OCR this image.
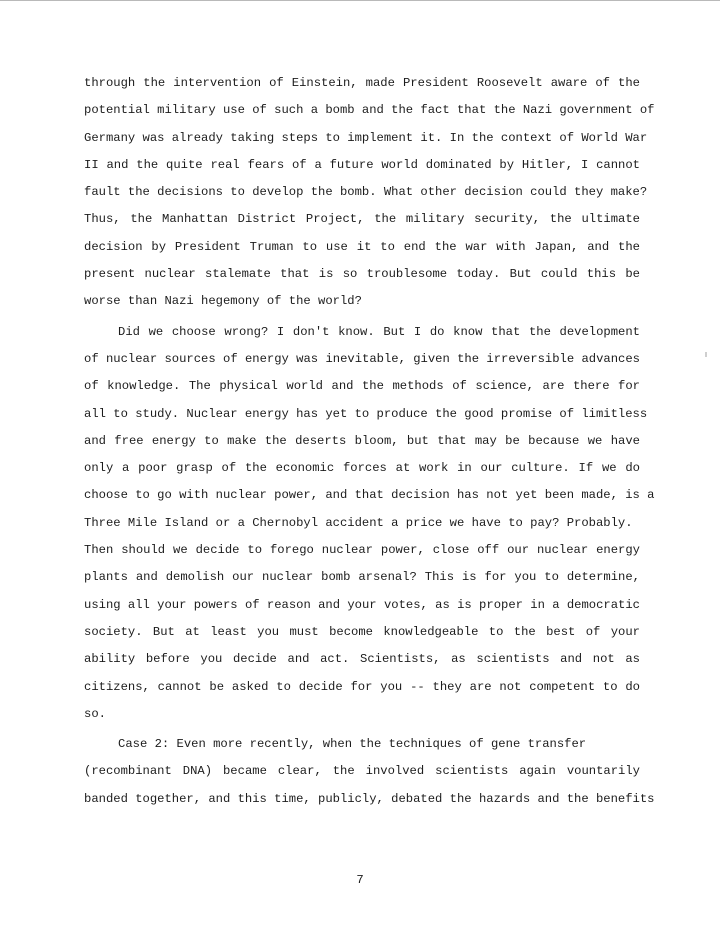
through the intervention of Einstein, made President Roosevelt aware of the
potential military use of such a bomb and the fact that the Nazi government of
Germany was already taking steps to implement it. In the context of World War
II and the quite real fears of a future world dominated by Hitler, I cannot
fault the decisions to develop the bomb. What other decision could they make?
Thus, the Manhattan District Project, the military security, the ultimate
decision by President Truman to use it to end the war with Japan, and the
present nuclear stalemate that is so troublesome today. But could this be
worse than Nazi hegemony of the world?
Did we choose wrong? I don't know. But I do know that the development
of nuclear sources of energy was inevitable, given the irreversible advances
of knowledge. The physical world and the methods of science, are there for
all to study. Nuclear energy has yet to produce the good promise of limitless
and free energy to make the deserts bloom, but that may be because we have
only a poor grasp of the economic forces at work in our culture. If we do
choose to go with nuclear power, and that decision has not yet been made, is a
Three Mile Island or a Chernobyl accident a price we have to pay? Probably.
Then should we decide to forego nuclear power, close off our nuclear energy
plants and demolish our nuclear bomb arsenal? This is for you to determine,
using all your powers of reason and your votes, as is proper in a democratic
society. But at least you must become knowledgeable to the best of your
ability before you decide and act. Scientists, as scientists and not as
citizens, cannot be asked to decide for you -- they are not competent to do
so.
Case 2: Even more recently, when the techniques of gene transfer
(recombinant DNA) became clear, the involved scientists again vountarily
banded together, and this time, publicly, debated the hazards and the benefits
7
